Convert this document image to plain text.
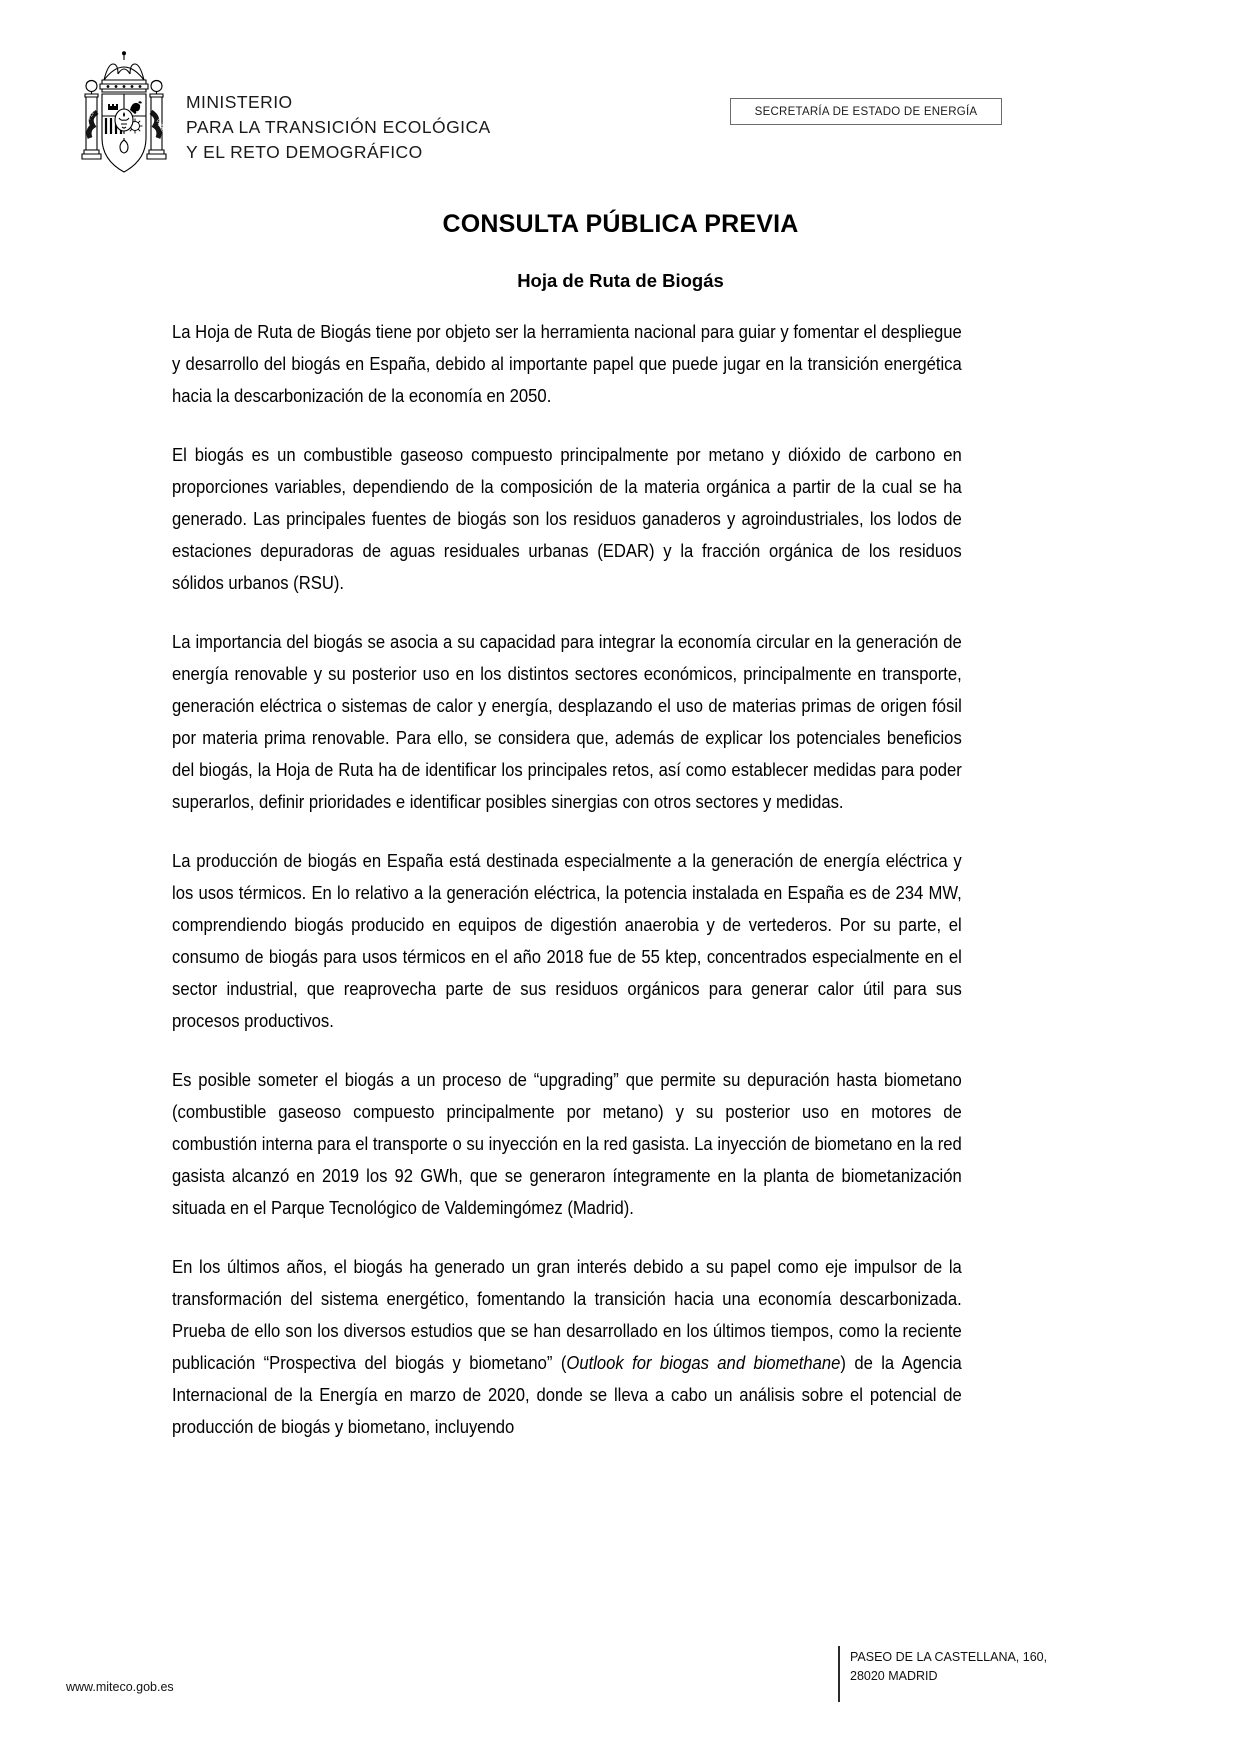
PLVS
VLTRA
MINISTERIO
PARA LA TRANSICIÓN ECOLÓGICA
Y EL RETO DEMOGRÁFICO
SECRETARÍA DE ESTADO DE ENERGÍA
CONSULTA PÚBLICA PREVIA
Hoja de Ruta de Biogás

La Hoja de Ruta de Biogás tiene por objeto ser la herramienta nacional para guiar y fomentar el despliegue y desarrollo del biogás en España, debido al importante papel que puede jugar en la transición energética hacia la descarbonización de la economía en 2050.

El biogás es un combustible gaseoso compuesto principalmente por metano y dióxido de carbono en proporciones variables, dependiendo de la composición de la materia orgánica a partir de la cual se ha generado. Las principales fuentes de biogás son los residuos ganaderos y agroindustriales, los lodos de estaciones depuradoras de aguas residuales urbanas (EDAR) y la fracción orgánica de los residuos sólidos urbanos (RSU).

La importancia del biogás se asocia a su capacidad para integrar la economía circular en la generación de energía renovable y su posterior uso en los distintos sectores económicos, principalmente en transporte, generación eléctrica o sistemas de calor y energía, desplazando el uso de materias primas de origen fósil por materia prima renovable. Para ello, se considera que, además de explicar los potenciales beneficios del biogás, la Hoja de Ruta ha de identificar los principales retos, así como establecer medidas para poder superarlos, definir prioridades e identificar posibles sinergias con otros sectores y medidas.

La producción de biogás en España está destinada especialmente a la generación de energía eléctrica y los usos térmicos. En lo relativo a la generación eléctrica, la potencia instalada en España es de 234 MW, comprendiendo biogás producido en equipos de digestión anaerobia y de vertederos. Por su parte, el consumo de biogás para usos térmicos en el año 2018 fue de 55 ktep, concentrados especialmente en el sector industrial, que reaprovecha parte de sus residuos orgánicos para generar calor útil para sus procesos productivos.

Es posible someter el biogás a un proceso de “upgrading” que permite su depuración hasta biometano (combustible gaseoso compuesto principalmente por metano) y su posterior uso en motores de combustión interna para el transporte o su inyección en la red gasista. La inyección de biometano en la red gasista alcanzó en 2019 los 92 GWh, que se generaron íntegramente en la planta de biometanización situada en el Parque Tecnológico de Valdemingómez (Madrid).

En los últimos años, el biogás ha generado un gran interés debido a su papel como eje impulsor de la transformación del sistema energético, fomentando la transición hacia una economía descarbonizada. Prueba de ello son los diversos estudios que se han desarrollado en los últimos tiempos, como la reciente publicación “Prospectiva del biogás y biometano” (Outlook for biogas and biomethane) de la Agencia Internacional de la Energía en marzo de 2020, donde se lleva a cabo un análisis sobre el potencial de producción de biogás y biometano, incluyendo

www.miteco.gob.es
PASEO DE LA CASTELLANA, 160,
28020 MADRID
